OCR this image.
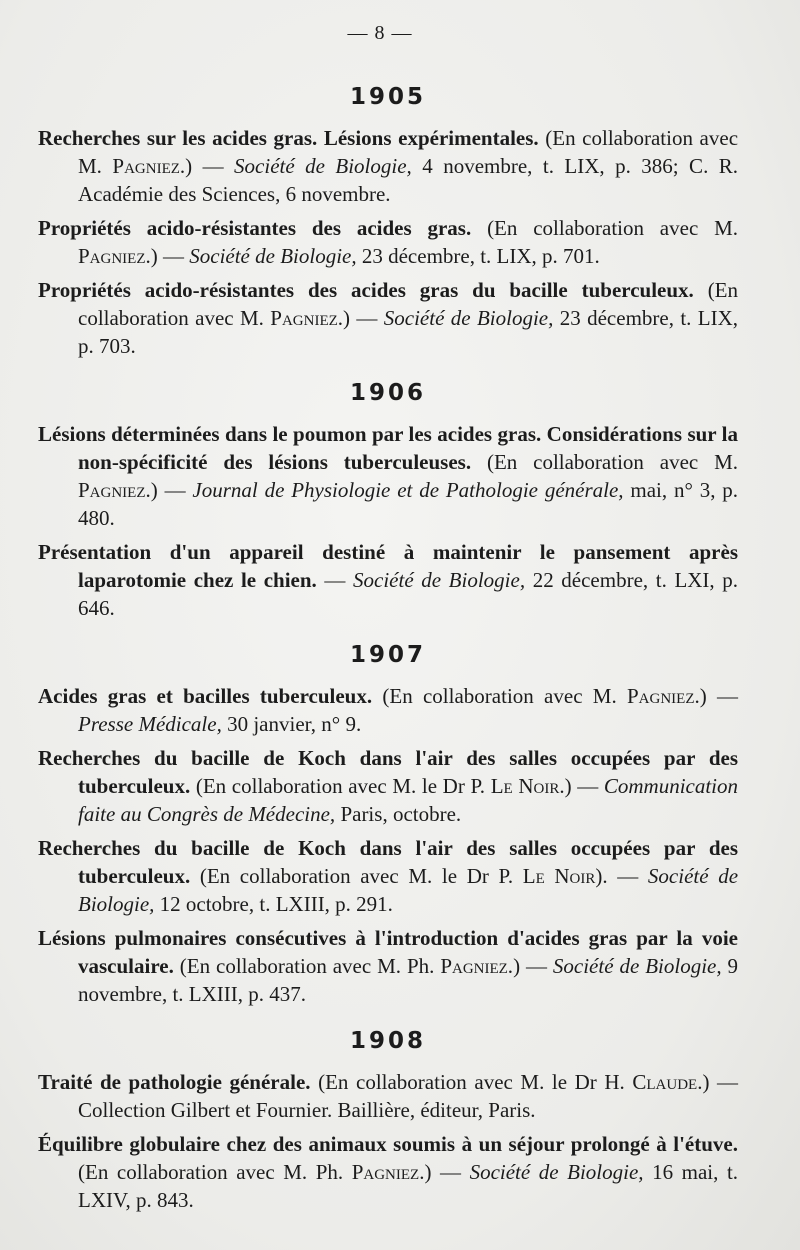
— 8 —
1905
Recherches sur les acides gras. Lésions expérimentales. (En collaboration avec M. Pagniez.) — Société de Biologie, 4 novembre, t. LIX, p. 386; C. R. Académie des Sciences, 6 novembre.
Propriétés acido-résistantes des acides gras. (En collaboration avec M. Pagniez.) — Société de Biologie, 23 décembre, t. LIX, p. 701.
Propriétés acido-résistantes des acides gras du bacille tuberculeux. (En collaboration avec M. Pagniez.) — Société de Biologie, 23 décembre, t. LIX, p. 703.
1906
Lésions déterminées dans le poumon par les acides gras. Considérations sur la non-spécificité des lésions tuberculeuses. (En collaboration avec M. Pagniez.) — Journal de Physiologie et de Pathologie générale, mai, n° 3, p. 480.
Présentation d'un appareil destiné à maintenir le pansement après laparotomie chez le chien. — Société de Biologie, 22 décembre, t. LXI, p. 646.
1907
Acides gras et bacilles tuberculeux. (En collaboration avec M. Pagniez.) — Presse Médicale, 30 janvier, n° 9.
Recherches du bacille de Koch dans l'air des salles occupées par des tuberculeux. (En collaboration avec M. le Dr P. Le Noir.) — Communication faite au Congrès de Médecine, Paris, octobre.
Recherches du bacille de Koch dans l'air des salles occupées par des tuberculeux. (En collaboration avec M. le Dr P. Le Noir). — Société de Biologie, 12 octobre, t. LXIII, p. 291.
Lésions pulmonaires consécutives à l'introduction d'acides gras par la voie vasculaire. (En collaboration avec M. Ph. Pagniez.) — Société de Biologie, 9 novembre, t. LXIII, p. 437.
1908
Traité de pathologie générale. (En collaboration avec M. le Dr H. Claude.) — Collection Gilbert et Fournier. Baillière, éditeur, Paris.
Équilibre globulaire chez des animaux soumis à un séjour prolongé à l'étuve. (En collaboration avec M. Ph. Pagniez.) — Société de Biologie, 16 mai, t. LXIV, p. 843.
